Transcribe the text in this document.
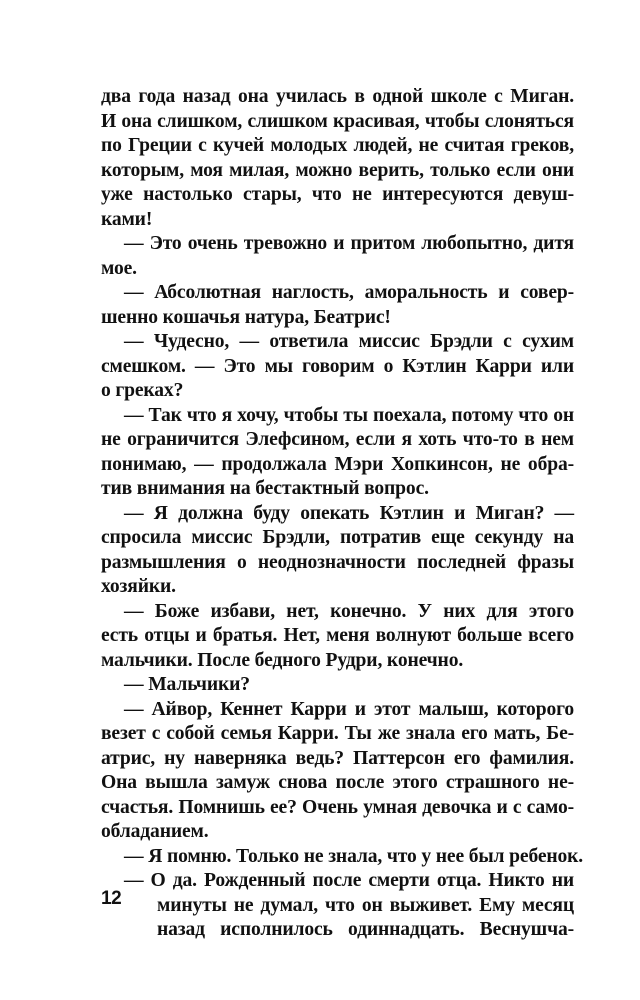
два года назад она училась в одной школе с Миган.
И она слишком, слишком красивая, чтобы слоняться
по Греции с кучей молодых людей, не считая греков,
которым, моя милая, можно верить, только если они
уже настолько стары, что не интересуются девуш-
ками!
— Это очень тревожно и притом любопытно, дитя
мое.
— Абсолютная наглость, аморальность и совер-
шенно кошачья натура, Беатрис!
— Чудесно, — ответила миссис Брэдли с сухим
смешком. — Это мы говорим о Кэтлин Карри или
о греках?
— Так что я хочу, чтобы ты поехала, потому что он
не ограничится Элефсином, если я хоть что-то в нем
понимаю, — продолжала Мэри Хопкинсон, не обра-
тив внимания на бестактный вопрос.
— Я должна буду опекать Кэтлин и Миган? —
спросила миссис Брэдли, потратив еще секунду на
размышления о неоднозначности последней фразы
хозяйки.
— Боже избави, нет, конечно. У них для этого
есть отцы и братья. Нет, меня волнуют больше всего
мальчики. После бедного Рудри, конечно.
— Мальчики?
— Айвор, Кеннет Карри и этот малыш, которого
везет с собой семья Карри. Ты же знала его мать, Бе-
атрис, ну наверняка ведь? Паттерсон его фамилия.
Она вышла замуж снова после этого страшного не-
счастья. Помнишь ее? Очень умная девочка и с само-
обладанием.
— Я помню. Только не знала, что у нее был ребенок.
— О да. Рожденный после смерти отца. Никто ни
минуты не думал, что он выживет. Ему месяц
назад исполнилось одиннадцать. Веснушча-
12
